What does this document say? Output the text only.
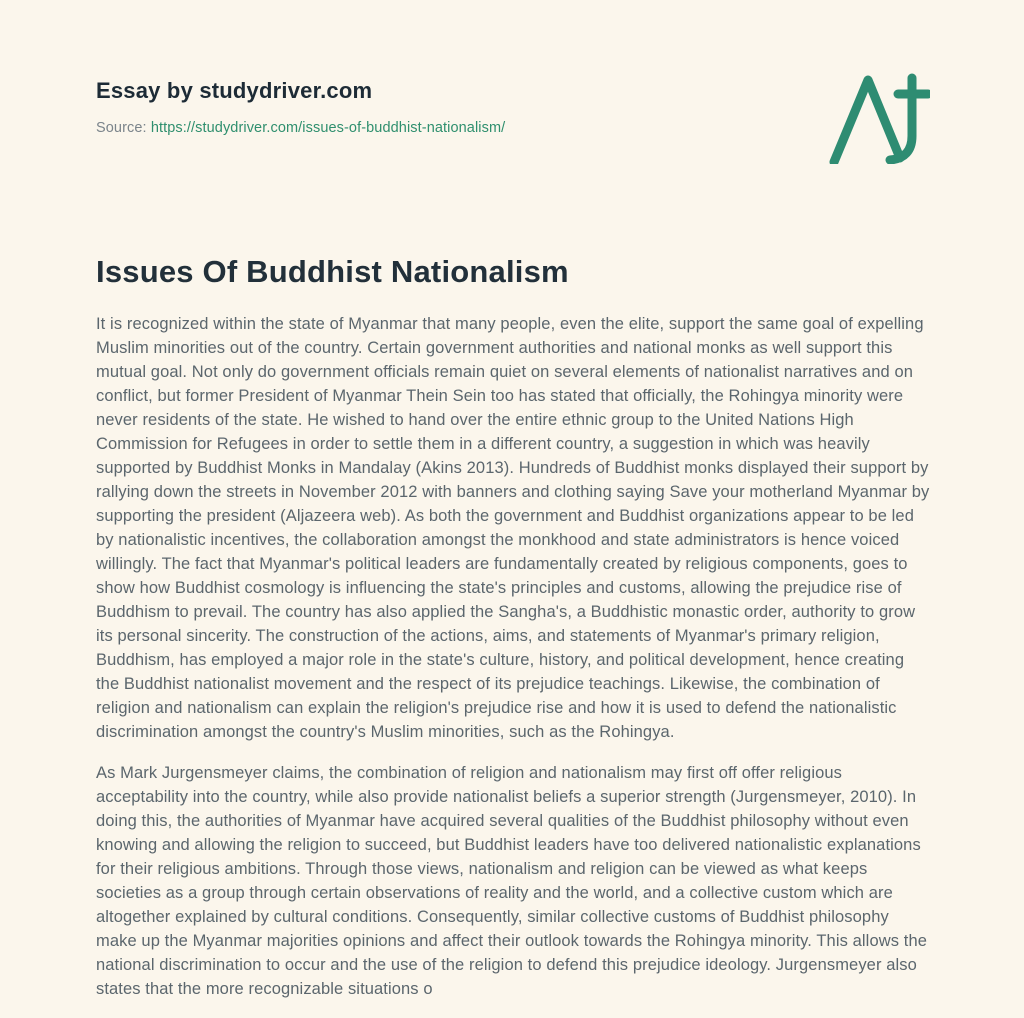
Essay by studydriver.com
Source: https://studydriver.com/issues-of-buddhist-nationalism/
Issues Of Buddhist Nationalism

It is recognized within the state of Myanmar that many people, even the elite, support the same goal of expelling Muslim minorities out of the country. Certain government authorities and national monks as well support this mutual goal. Not only do government officials remain quiet on several elements of nationalist narratives and on conflict, but former President of Myanmar Thein Sein too has stated that officially, the Rohingya minority were never residents of the state. He wished to hand over the entire ethnic group to the United Nations High Commission for Refugees in order to settle them in a different country, a suggestion in which was heavily supported by Buddhist Monks in Mandalay (Akins 2013). Hundreds of Buddhist monks displayed their support by rallying down the streets in November 2012 with banners and clothing saying Save your motherland Myanmar by supporting the president (Aljazeera web). As both the government and Buddhist organizations appear to be led by nationalistic incentives, the collaboration amongst the monkhood and state administrators is hence voiced willingly. The fact that Myanmar's political leaders are fundamentally created by religious components, goes to show how Buddhist cosmology is influencing the state's principles and customs, allowing the prejudice rise of Buddhism to prevail. The country has also applied the Sangha's, a Buddhistic monastic order, authority to grow its personal sincerity. The construction of the actions, aims, and statements of Myanmar's primary religion, Buddhism, has employed a major role in the state's culture, history, and political development, hence creating the Buddhist nationalist movement and the respect of its prejudice teachings. Likewise, the combination of religion and nationalism can explain the religion's prejudice rise and how it is used to defend the nationalistic discrimination amongst the country's Muslim minorities, such as the Rohingya.

As Mark Jurgensmeyer claims, the combination of religion and nationalism may first off offer religious acceptability into the country, while also provide nationalist beliefs a superior strength (Jurgensmeyer, 2010). In doing this, the authorities of Myanmar have acquired several qualities of the Buddhist philosophy without even knowing and allowing the religion to succeed, but Buddhist leaders have too delivered nationalistic explanations for their religious ambitions. Through those views, nationalism and religion can be viewed as what keeps societies as a group through certain observations of reality and the world, and a collective custom which are altogether explained by cultural conditions. Consequently, similar collective customs of Buddhist philosophy make up the Myanmar majorities opinions and affect their outlook towards the Rohingya minority. This allows the national discrimination to occur and the use of the religion to defend this prejudice ideology. Jurgensmeyer also states that the more recognizable situations o
